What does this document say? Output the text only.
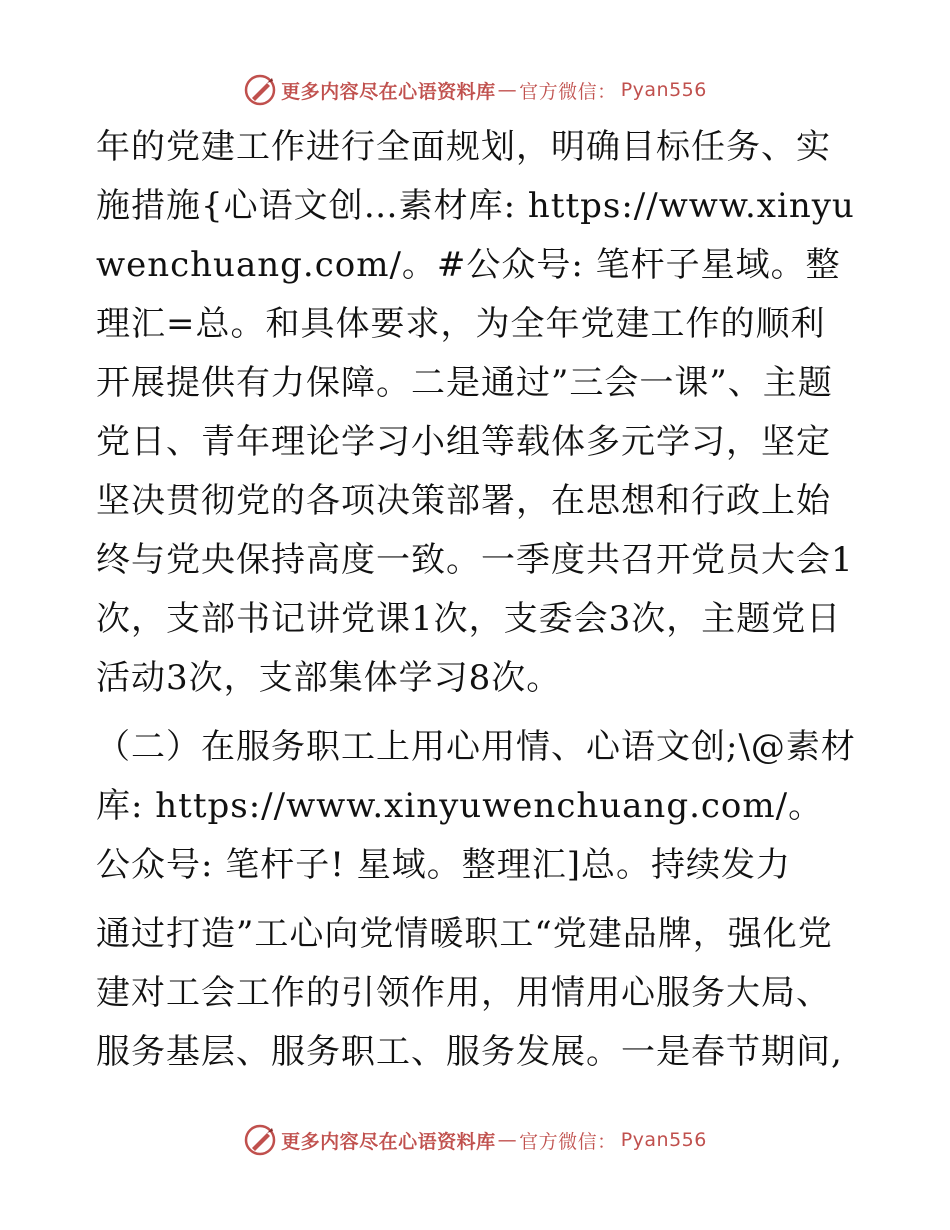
更多内容尽在心语资料库 — 官方微信： Pyan556

年的党建工作进行全面规划，明确目标任务、实施措施{心语文创…素材库: https://www.xinyuwenchuang.com/。#公众号: 笔杆子星域。整理汇=总。和具体要求，为全年党建工作的顺利开展提供有力保障。二是通过”三会一课”、主题党日、青年理论学习小组等载体多元学习，坚定坚决贯彻党的各项决策部署，在思想和行政上始终与党央保持高度一致。一季度共召开党员大会1次，支部书记讲党课1次，支委会3次，主题党日活动3次，支部集体学习8次。

（二）在服务职工上用心用情、心语文创;\@素材库: https://www.xinyuwenchuang.com/。公众号: 笔杆子! 星域。整理汇]总。持续发力

通过打造”工心向党情暖职工“党建品牌，强化党建对工会工作的引领作用，用情用心服务大局、服务基层、服务职工、服务发展。一是春节期间,

更多内容尽在心语资料库 — 官方微信： Pyan556
